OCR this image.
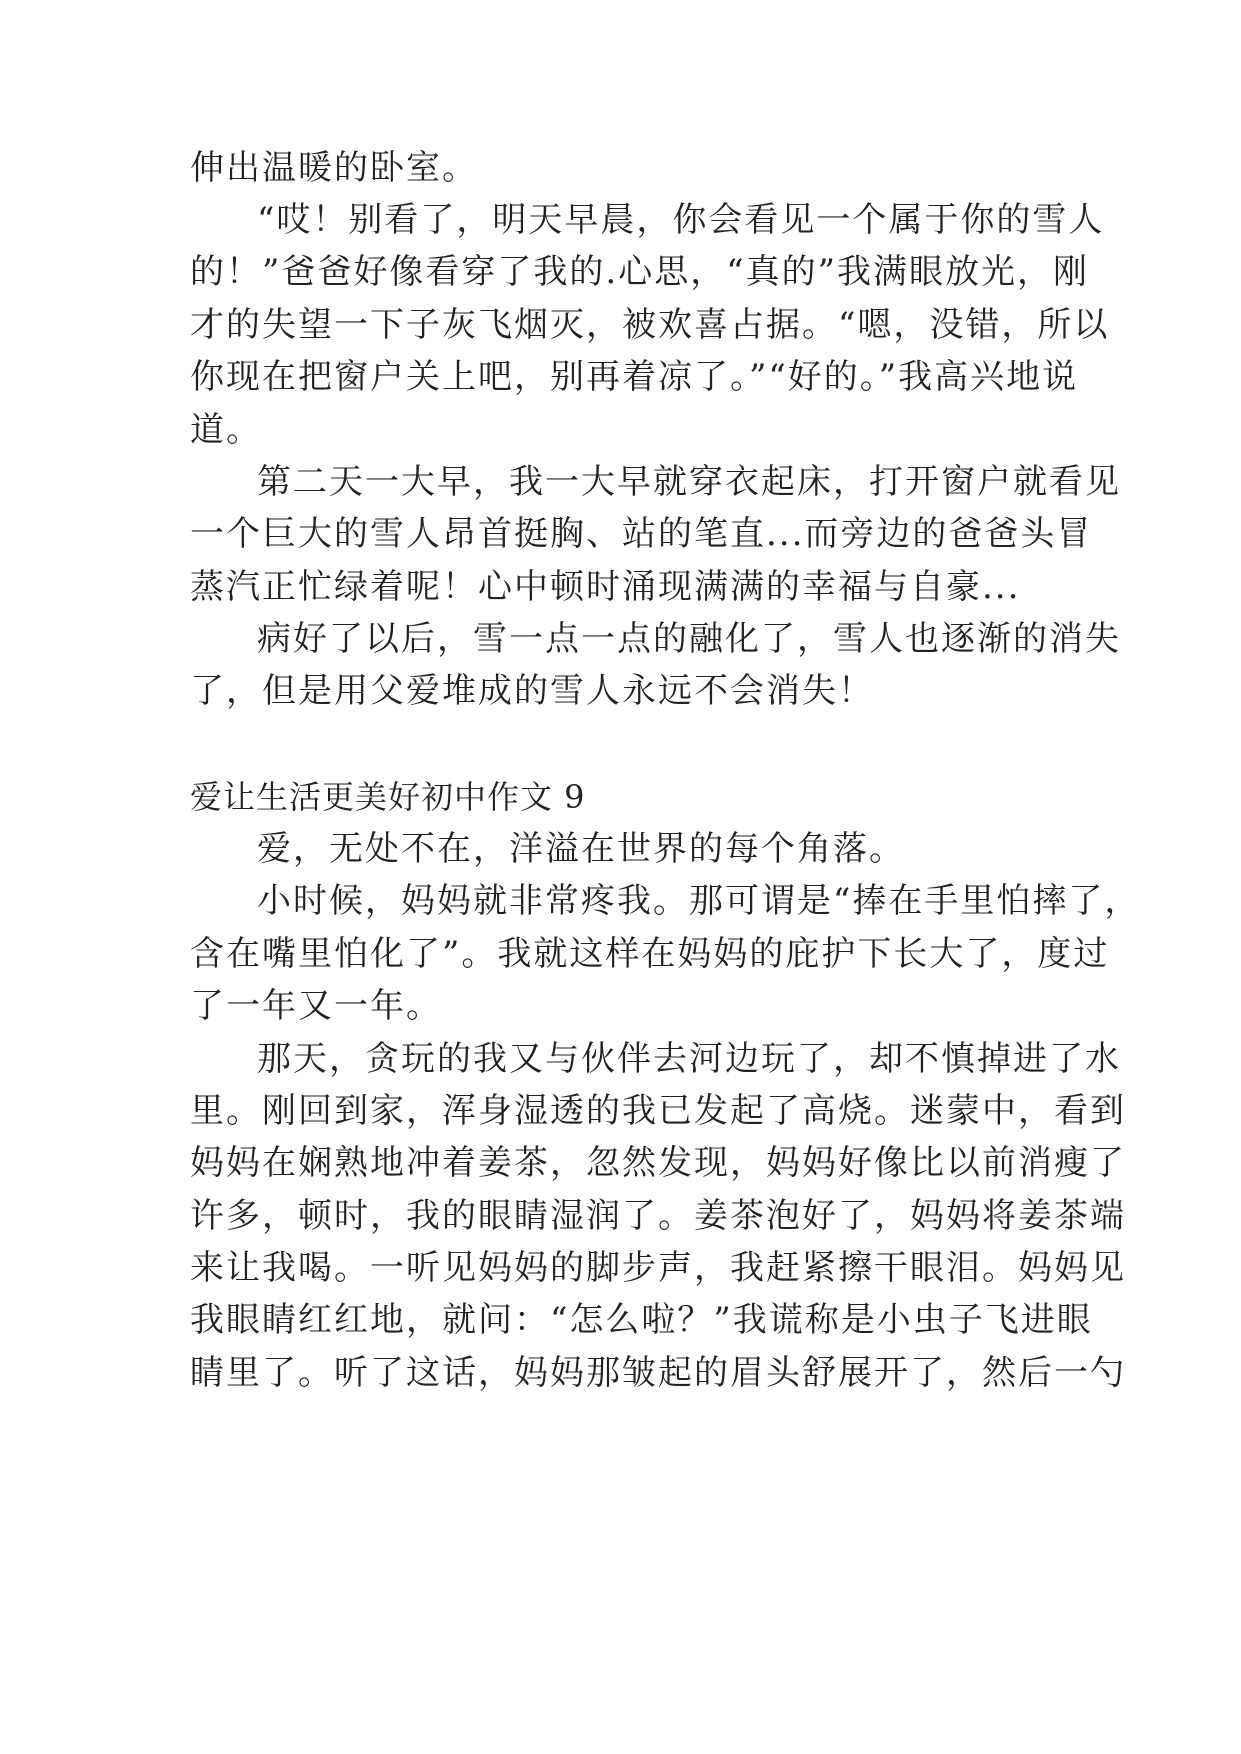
伸出温暖的卧室。
“哎！别看了，明天早晨，你会看见一个属于你的雪人
的！”爸爸好像看穿了我的.心思，“真的”我满眼放光，刚
才的失望一下子灰飞烟灭，被欢喜占据。“嗯，没错，所以
你现在把窗户关上吧，别再着凉了。”“好的。”我高兴地说
道。
第二天一大早，我一大早就穿衣起床，打开窗户就看见
一个巨大的雪人昂首挺胸、站的笔直...而旁边的爸爸头冒
蒸汽正忙绿着呢！心中顿时涌现满满的幸福与自豪...
病好了以后，雪一点一点的融化了，雪人也逐渐的消失
了，但是用父爱堆成的雪人永远不会消失！
爱让生活更美好初中作文 9
爱，无处不在，洋溢在世界的每个角落。
小时候，妈妈就非常疼我。那可谓是“捧在手里怕摔了，
含在嘴里怕化了”。我就这样在妈妈的庇护下长大了，度过
了一年又一年。
那天，贪玩的我又与伙伴去河边玩了，却不慎掉进了水
里。刚回到家，浑身湿透的我已发起了高烧。迷蒙中，看到
妈妈在娴熟地冲着姜茶，忽然发现，妈妈好像比以前消瘦了
许多，顿时，我的眼睛湿润了。姜茶泡好了，妈妈将姜茶端
来让我喝。一听见妈妈的脚步声，我赶紧擦干眼泪。妈妈见
我眼睛红红地，就问：“怎么啦？”我谎称是小虫子飞进眼
睛里了。听了这话，妈妈那皱起的眉头舒展开了，然后一勺
